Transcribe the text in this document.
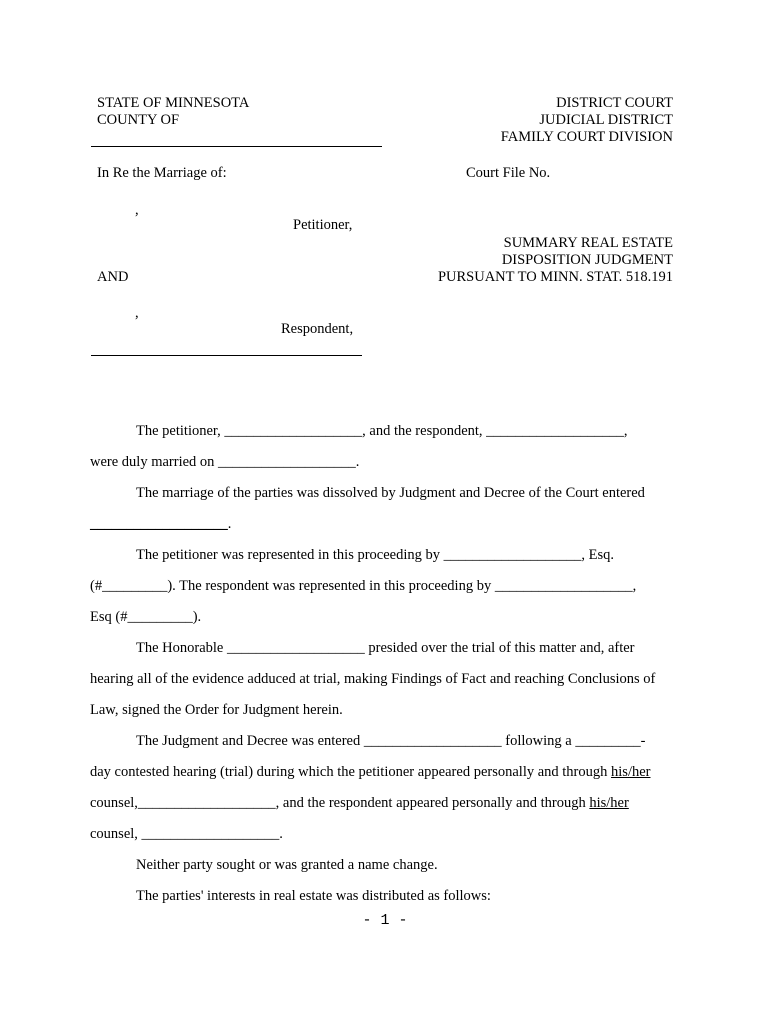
STATE OF MINNESOTA
COUNTY OF
DISTRICT COURT
JUDICIAL DISTRICT
FAMILY COURT DIVISION
In Re the Marriage of:	Court File No.
,
Petitioner,
SUMMARY REAL ESTATE
DISPOSITION JUDGMENT
PURSUANT TO MINN. STAT. 518.191
AND
,
Respondent,
The petitioner, ___________________, and the respondent, ___________________,
were duly married on ___________________.
The marriage of the parties was dissolved by Judgment and Decree of the Court entered
___________________.
The petitioner was represented in this proceeding by ___________________, Esq.
(#_________). The respondent was represented in this proceeding by ___________________,
Esq (#_________).
The Honorable ___________________ presided over the trial of this matter and, after
hearing all of the evidence adduced at trial, making Findings of Fact and reaching Conclusions of
Law, signed the Order for Judgment herein.
The Judgment and Decree was entered ___________________ following a _________-
day contested hearing (trial) during which the petitioner appeared personally and through his/her
counsel,___________________, and the respondent appeared personally and through his/her
counsel, ___________________.
Neither party sought or was granted a name change.
The parties' interests in real estate was distributed as follows:
- 1 -
